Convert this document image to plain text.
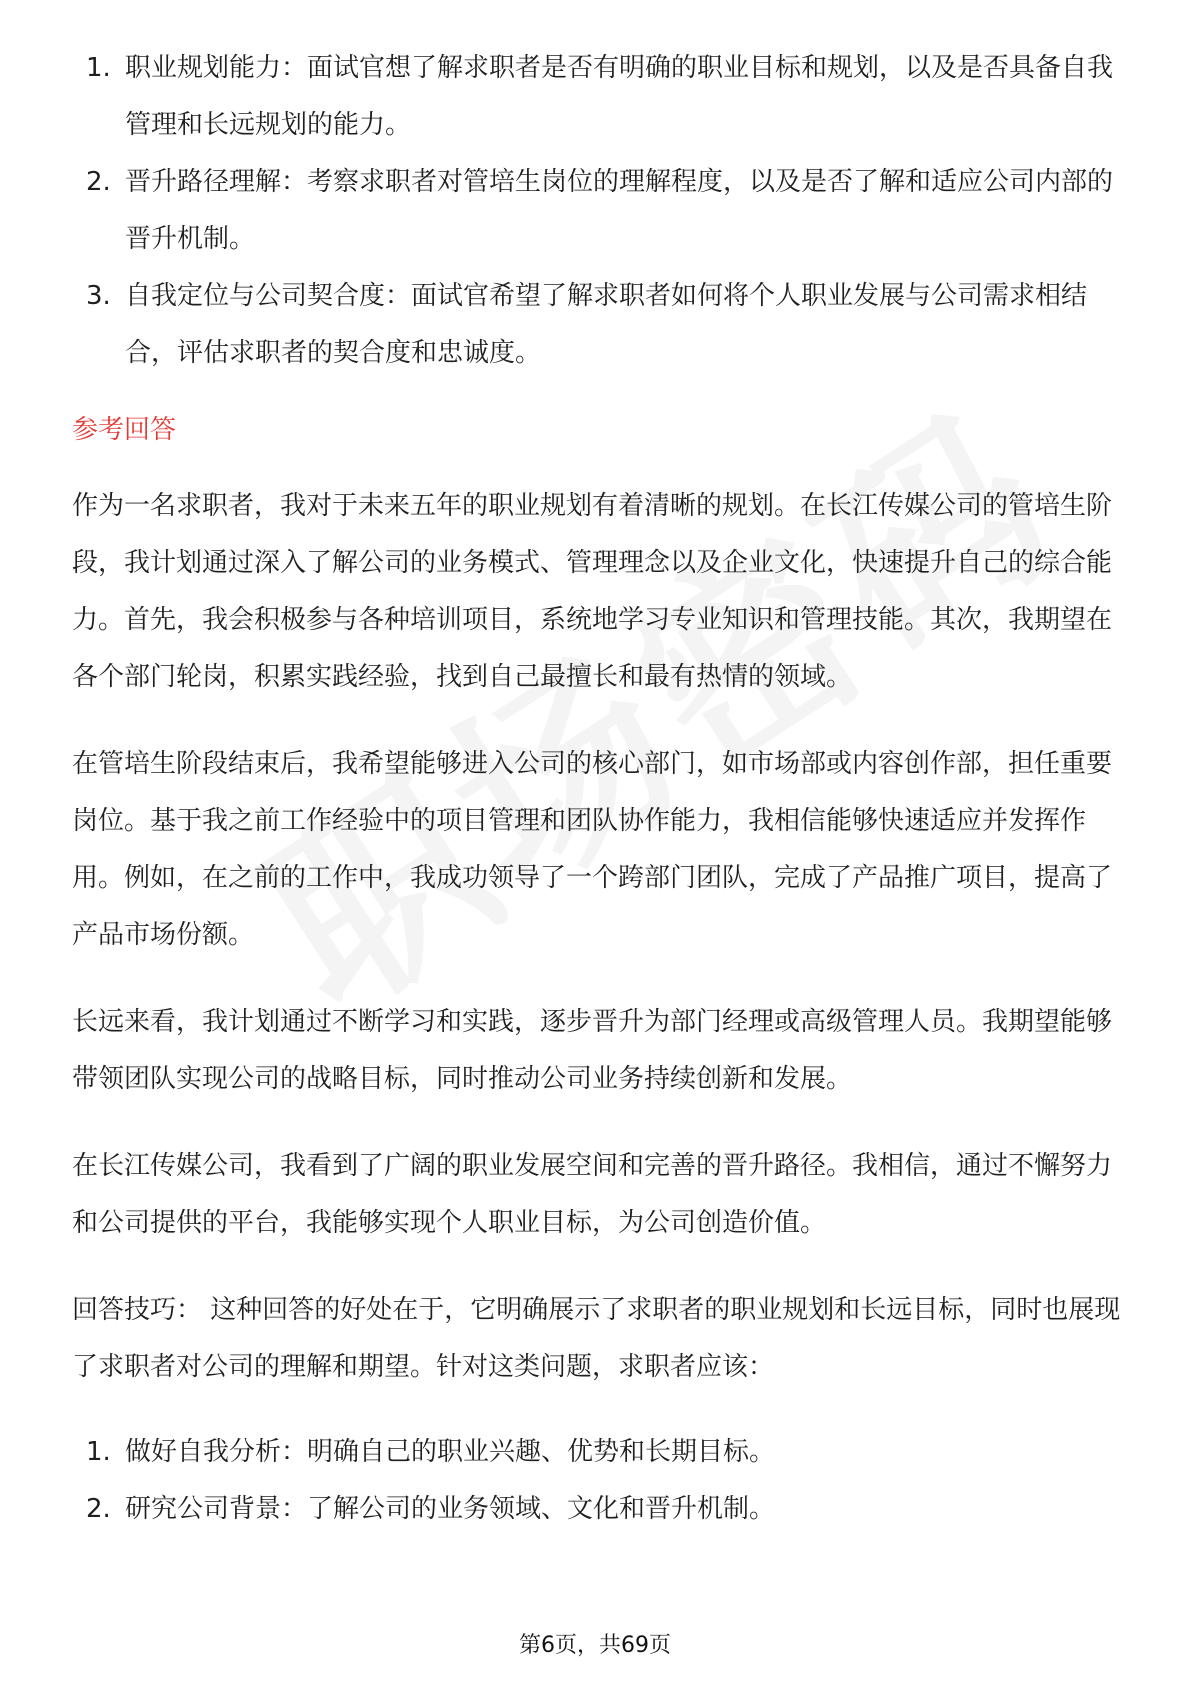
1. 职业规划能力：面试官想了解求职者是否有明确的职业目标和规划，以及是否具备自我管理和长远规划的能力。
2. 晋升路径理解：考察求职者对管培生岗位的理解程度，以及是否了解和适应公司内部的晋升机制。
3. 自我定位与公司契合度：面试官希望了解求职者如何将个人职业发展与公司需求相结合，评估求职者的契合度和忠诚度。
参考回答

作为一名求职者，我对于未来五年的职业规划有着清晰的规划。在长江传媒公司的管培生阶段，我计划通过深入了解公司的业务模式、管理理念以及企业文化，快速提升自己的综合能力。首先，我会积极参与各种培训项目，系统地学习专业知识和管理技能。其次，我期望在各个部门轮岗，积累实践经验，找到自己最擅长和最有热情的领域。

在管培生阶段结束后，我希望能够进入公司的核心部门，如市场部或内容创作部，担任重要岗位。基于我之前工作经验中的项目管理和团队协作能力，我相信能够快速适应并发挥作用。例如，在之前的工作中，我成功领导了一个跨部门团队，完成了产品推广项目，提高了产品市场份额。

长远来看，我计划通过不断学习和实践，逐步晋升为部门经理或高级管理人员。我期望能够带领团队实现公司的战略目标，同时推动公司业务持续创新和发展。

在长江传媒公司，我看到了广阔的职业发展空间和完善的晋升路径。我相信，通过不懈努力和公司提供的平台，我能够实现个人职业目标，为公司创造价值。

回答技巧： 这种回答的好处在于，它明确展示了求职者的职业规划和长远目标，同时也展现了求职者对公司的理解和期望。针对这类问题，求职者应该：

1. 做好自我分析：明确自己的职业兴趣、优势和长期目标。
2. 研究公司背景：了解公司的业务领域、文化和晋升机制。
第6页，共69页
